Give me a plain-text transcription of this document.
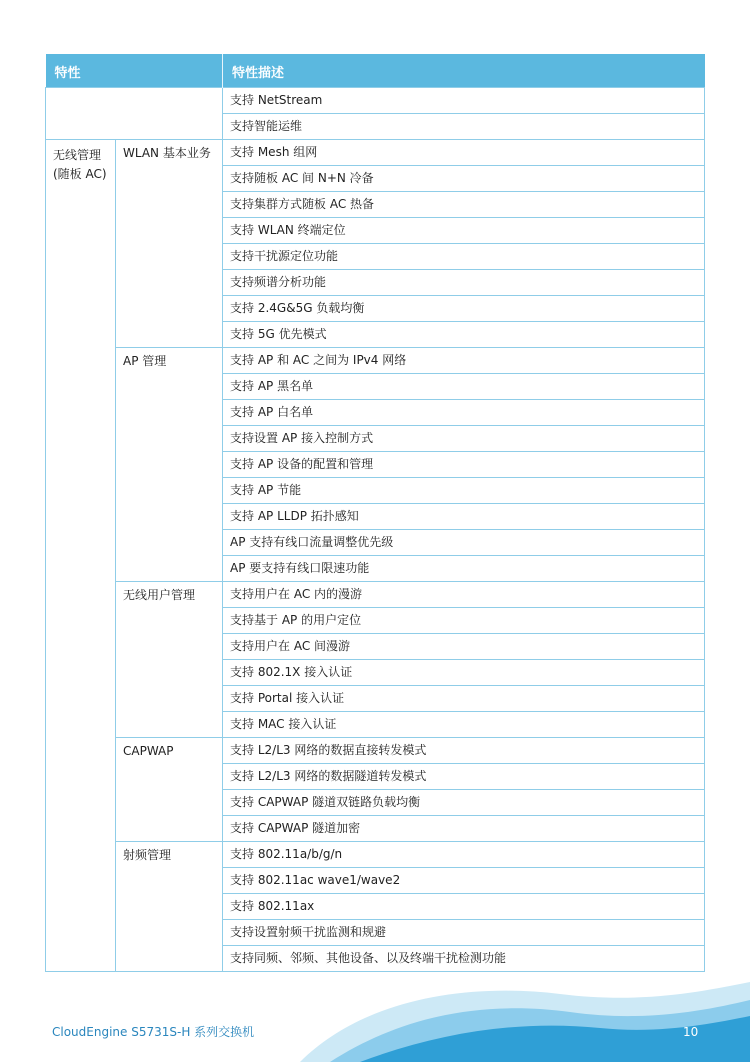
特性		特性描述
		支持 NetStream
		支持智能运维
无线管理 (随板 AC)	WLAN 基本业务	支持 Mesh 组网
		支持随板 AC 间 N+N 冷备
		支持集群方式随板 AC 热备
		支持 WLAN 终端定位
		支持干扰源定位功能
		支持频谱分析功能
		支持 2.4G&5G 负载均衡
		支持 5G 优先模式
	AP 管理	支持 AP 和 AC 之间为 IPv4 网络
		支持 AP 黑名单
		支持 AP 白名单
		支持设置 AP 接入控制方式
		支持 AP 设备的配置和管理
		支持 AP 节能
		支持 AP LLDP 拓扑感知
		AP 支持有线口流量调整优先级
		AP 要支持有线口限速功能
	无线用户管理	支持用户在 AC 内的漫游
		支持基于 AP 的用户定位
		支持用户在 AC 间漫游
		支持 802.1X 接入认证
		支持 Portal 接入认证
		支持 MAC 接入认证
	CAPWAP	支持 L2/L3 网络的数据直接转发模式
		支持 L2/L3 网络的数据隧道转发模式
		支持 CAPWAP 隧道双链路负载均衡
		支持 CAPWAP 隧道加密
	射频管理	支持 802.11a/b/g/n
		支持 802.11ac wave1/wave2
		支持 802.11ax
		支持设置射频干扰监测和规避
		支持同频、邻频、其他设备、以及终端干扰检测功能
CloudEngine S5731S-H 系列交换机	10
